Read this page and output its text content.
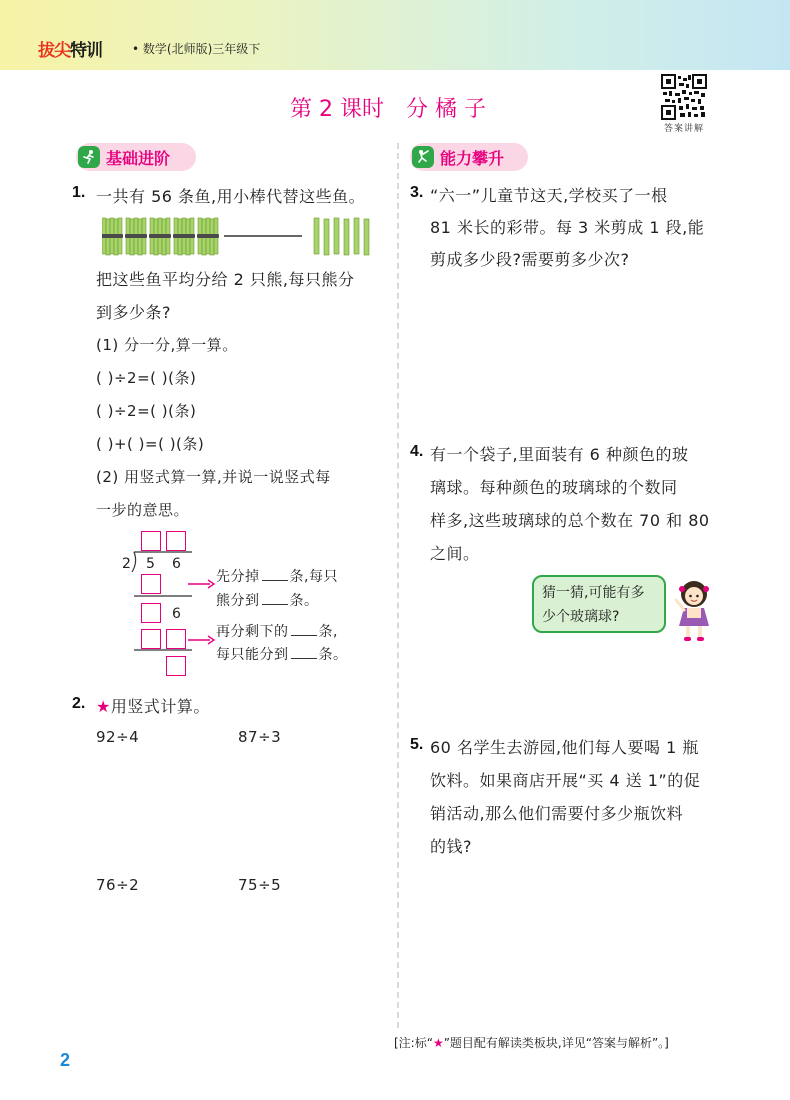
拔尖特训	• 数学(北师版)三年级下
答案讲解
第 2 课时 分 橘 子
基础进阶	能力攀升
1. 一共有 56 条鱼,用小棒代替这些鱼。
把这些鱼平均分给 2 只熊,每只熊分
到多少条?
(1) 分一分,算一算。
( )÷2=( )(条)
( )÷2=( )(条)
( )+( )=( )(条)
(2) 用竖式算一算,并说一说竖式每
一步的意思。
2 5 6
6
先分掉 条,每只
熊分到 条。
再分剩下的 条,
每只能分到 条。
2. ★用竖式计算。
92÷4	87÷3
76÷2	75÷5
3. “六一”儿童节这天,学校买了一根
81 米长的彩带。每 3 米剪成 1 段,能
剪成多少段?需要剪多少次?
4. 有一个袋子,里面装有 6 种颜色的玻
璃球。每种颜色的玻璃球的个数同
样多,这些玻璃球的总个数在 70 和 80
之间。
猜一猜,可能有多
少个玻璃球?
5. 60 名学生去游园,他们每人要喝 1 瓶
饮料。如果商店开展“买 4 送 1”的促
销活动,那么他们需要付多少瓶饮料
的钱?
2
[注:标“★”题目配有解读类板块,详见“答案与解析”。]
